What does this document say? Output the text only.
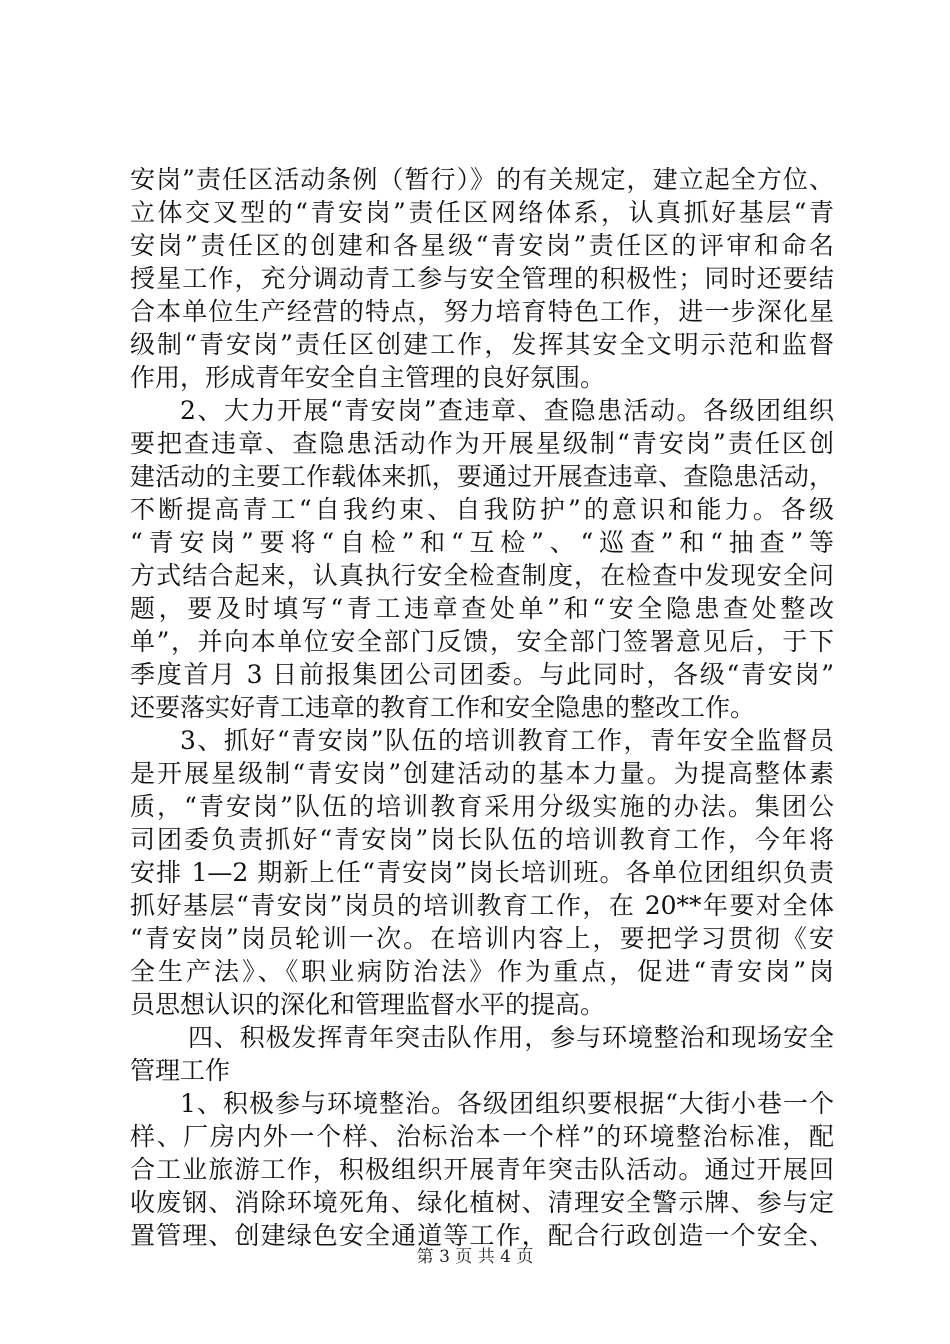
安岗”责任区活动条例（暂行）》的有关规定，建立起全方位、
立体交叉型的“青安岗”责任区网络体系，认真抓好基层“青
安岗”责任区的创建和各星级“青安岗”责任区的评审和命名
授星工作，充分调动青工参与安全管理的积极性；同时还要结
合本单位生产经营的特点，努力培育特色工作，进一步深化星
级制“青安岗”责任区创建工作，发挥其安全文明示范和监督
作用，形成青年安全自主管理的良好氛围。
2、大力开展“青安岗”查违章、查隐患活动。各级团组织
要把查违章、查隐患活动作为开展星级制“青安岗”责任区创
建活动的主要工作载体来抓，要通过开展查违章、查隐患活动，
不断提高青工“自我约束、自我防护”的意识和能力。各级
“青安岗”要将“自检”和“互检”、“巡查”和“抽查”等
方式结合起来，认真执行安全检查制度，在检查中发现安全问
题，要及时填写“青工违章查处单”和“安全隐患查处整改
单”，并向本单位安全部门反馈，安全部门签署意见后，于下
季度首月 3 日前报集团公司团委。与此同时，各级“青安岗”
还要落实好青工违章的教育工作和安全隐患的整改工作。
3、抓好“青安岗”队伍的培训教育工作，青年安全监督员
是开展星级制“青安岗”创建活动的基本力量。为提高整体素
质，“青安岗”队伍的培训教育采用分级实施的办法。集团公
司团委负责抓好“青安岗”岗长队伍的培训教育工作，今年将
安排 1—2 期新上任“青安岗”岗长培训班。各单位团组织负责
抓好基层“青安岗”岗员的培训教育工作，在 20**年要对全体
“青安岗”岗员轮训一次。在培训内容上，要把学习贯彻《安
全生产法》、《职业病防治法》作为重点，促进“青安岗”岗
员思想认识的深化和管理监督水平的提高。
四、积极发挥青年突击队作用，参与环境整治和现场安全
管理工作
1、积极参与环境整治。各级团组织要根据“大街小巷一个
样、厂房内外一个样、治标治本一个样”的环境整治标准，配
合工业旅游工作，积极组织开展青年突击队活动。通过开展回
收废钢、消除环境死角、绿化植树、清理安全警示牌、参与定
置管理、创建绿色安全通道等工作，配合行政创造一个安全、
第 3 页 共 4 页
